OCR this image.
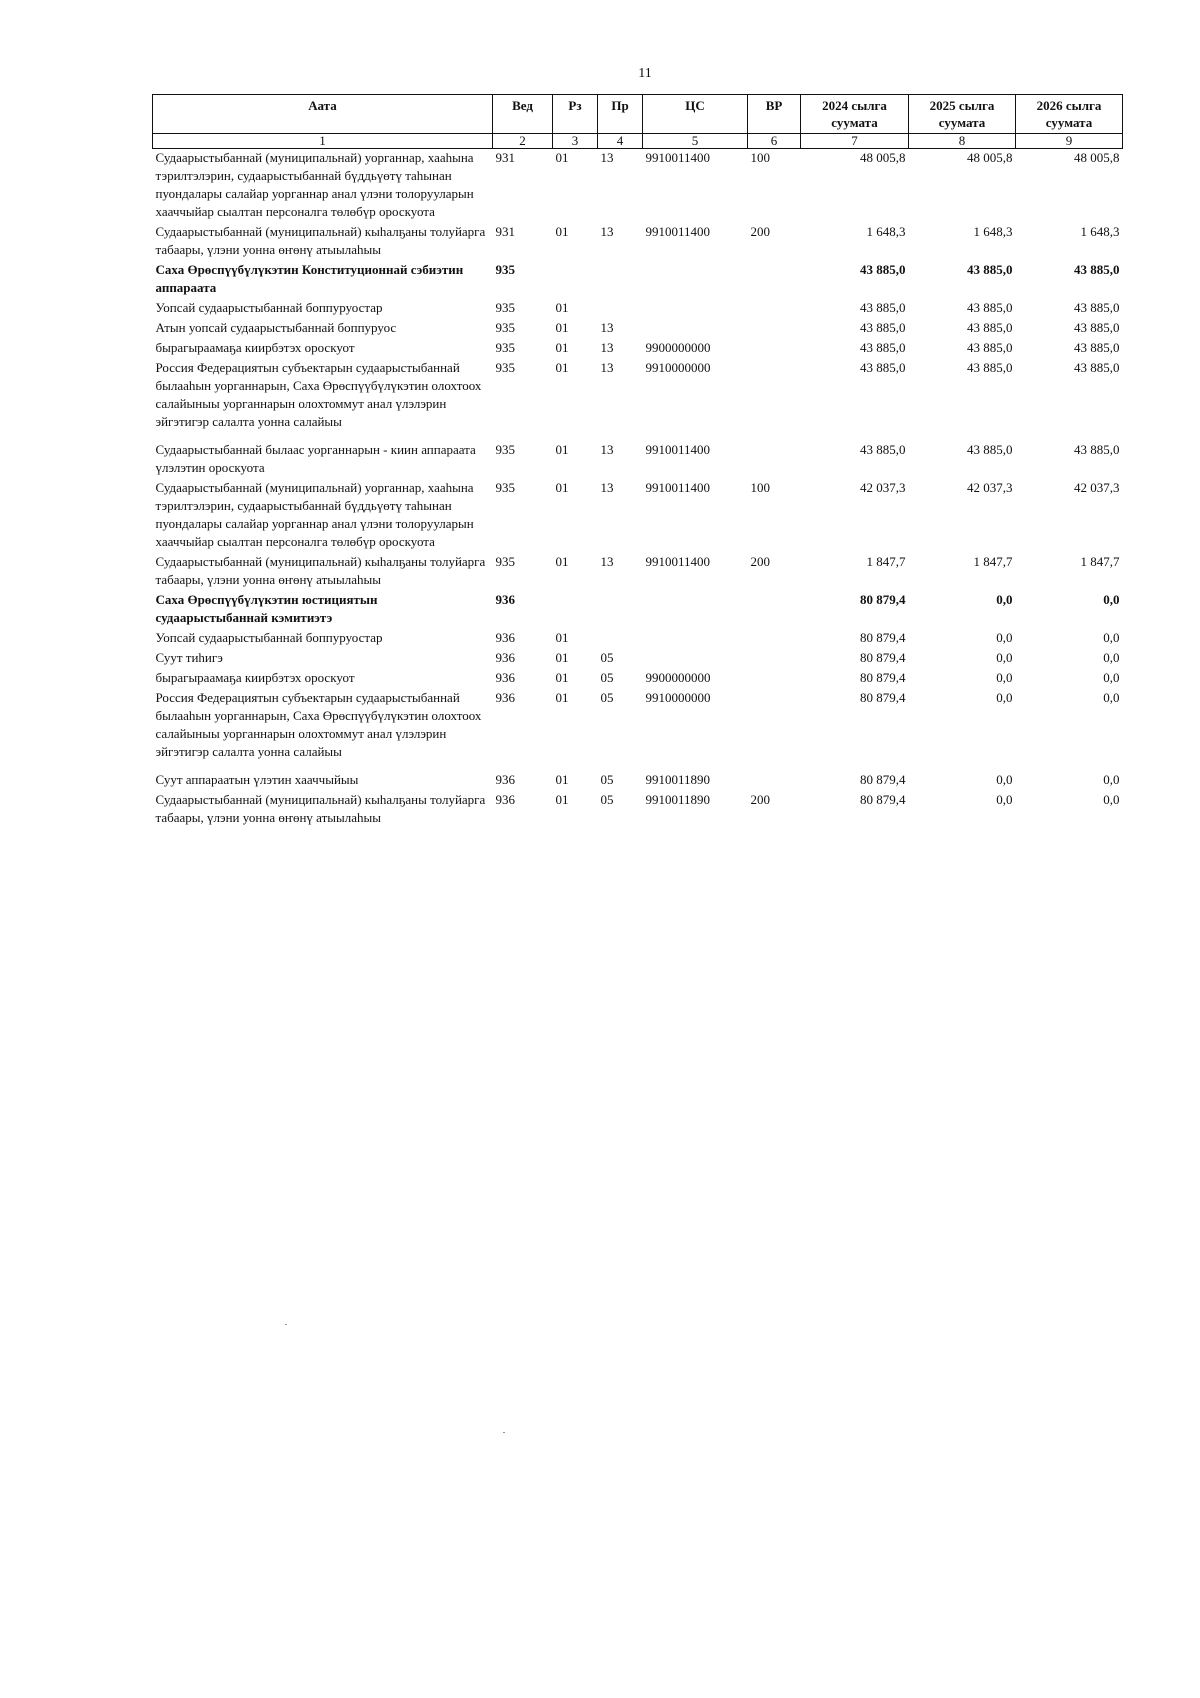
11
Аата	Вед	Рз	Пр	ЦС	ВР	2024 сылга суумата	2025 сылга суумата	2026 сылга суумата
1	2	3	4	5	6	7	8	9
Судаарыстыбаннай (муниципальнай) уорганнар, хааһына тэрилтэлэрин, судаарыстыбаннай бүддьүөтү таһынан пуондалары салайар уорганнар анал үлэни толорууларын хааччыйар сыалтан персоналга төлөбүр ороскуота	931	01	13	9910011400	100	48 005,8	48 005,8	48 005,8
Судаарыстыбаннай (муниципальнай) кыһалҕаны толуйарга табаары, үлэни уонна өҥөнү атыылаһыы	931	01	13	9910011400	200	1 648,3	1 648,3	1 648,3
Саха Өрөспүүбүлүкэтин Конституционнай сэбиэтин аппараата	935					43 885,0	43 885,0	43 885,0
Уопсай судаарыстыбаннай боппуруостар	935	01				43 885,0	43 885,0	43 885,0
Атын уопсай судаарыстыбаннай боппуруос	935	01	13			43 885,0	43 885,0	43 885,0
бырагыраамаҕа киирбэтэх ороскуот	935	01	13	9900000000		43 885,0	43 885,0	43 885,0
Россия Федерациятын субъектарын судаарыстыбаннай былааһын уорганнарын, Саха Өрөспүүбүлүкэтин олохтоох салайыныы уорганнарын олохтоммут анал үлэлэрин эйгэтигэр салалта уонна салайыы	935	01	13	9910000000		43 885,0	43 885,0	43 885,0
Судаарыстыбаннай былаас уорганнарын - киин аппараата үлэлэтин ороскуота	935	01	13	9910011400		43 885,0	43 885,0	43 885,0
Судаарыстыбаннай (муниципальнай) уорганнар, хааһына тэрилтэлэрин, судаарыстыбаннай бүддьүөтү таһынан пуондалары салайар уорганнар анал үлэни толорууларын хааччыйар сыалтан персоналга төлөбүр ороскуота	935	01	13	9910011400	100	42 037,3	42 037,3	42 037,3
Судаарыстыбаннай (муниципальнай) кыһалҕаны толуйарга табаары, үлэни уонна өҥөнү атыылаһыы	935	01	13	9910011400	200	1 847,7	1 847,7	1 847,7
Саха Өрөспүүбүлүкэтин юстициятын судаарыстыбаннай кэмитиэтэ	936					80 879,4	0,0	0,0
Уопсай судаарыстыбаннай боппуруостар	936	01				80 879,4	0,0	0,0
Суут тиһигэ	936	01	05			80 879,4	0,0	0,0
бырагыраамаҕа киирбэтэх ороскуот	936	01	05	9900000000		80 879,4	0,0	0,0
Россия Федерациятын субъектарын судаарыстыбаннай былааһын уорганнарын, Саха Өрөспүүбүлүкэтин олохтоох салайыныы уорганнарын олохтоммут анал үлэлэрин эйгэтигэр салалта уонна салайыы	936	01	05	9910000000		80 879,4	0,0	0,0
Суут аппараатын үлэтин хааччыйыы	936	01	05	9910011890		80 879,4	0,0	0,0
Судаарыстыбаннай (муниципальнай) кыһалҕаны толуйарга табаары, үлэни уонна өҥөнү атыылаһыы	936	01	05	9910011890	200	80 879,4	0,0	0,0
